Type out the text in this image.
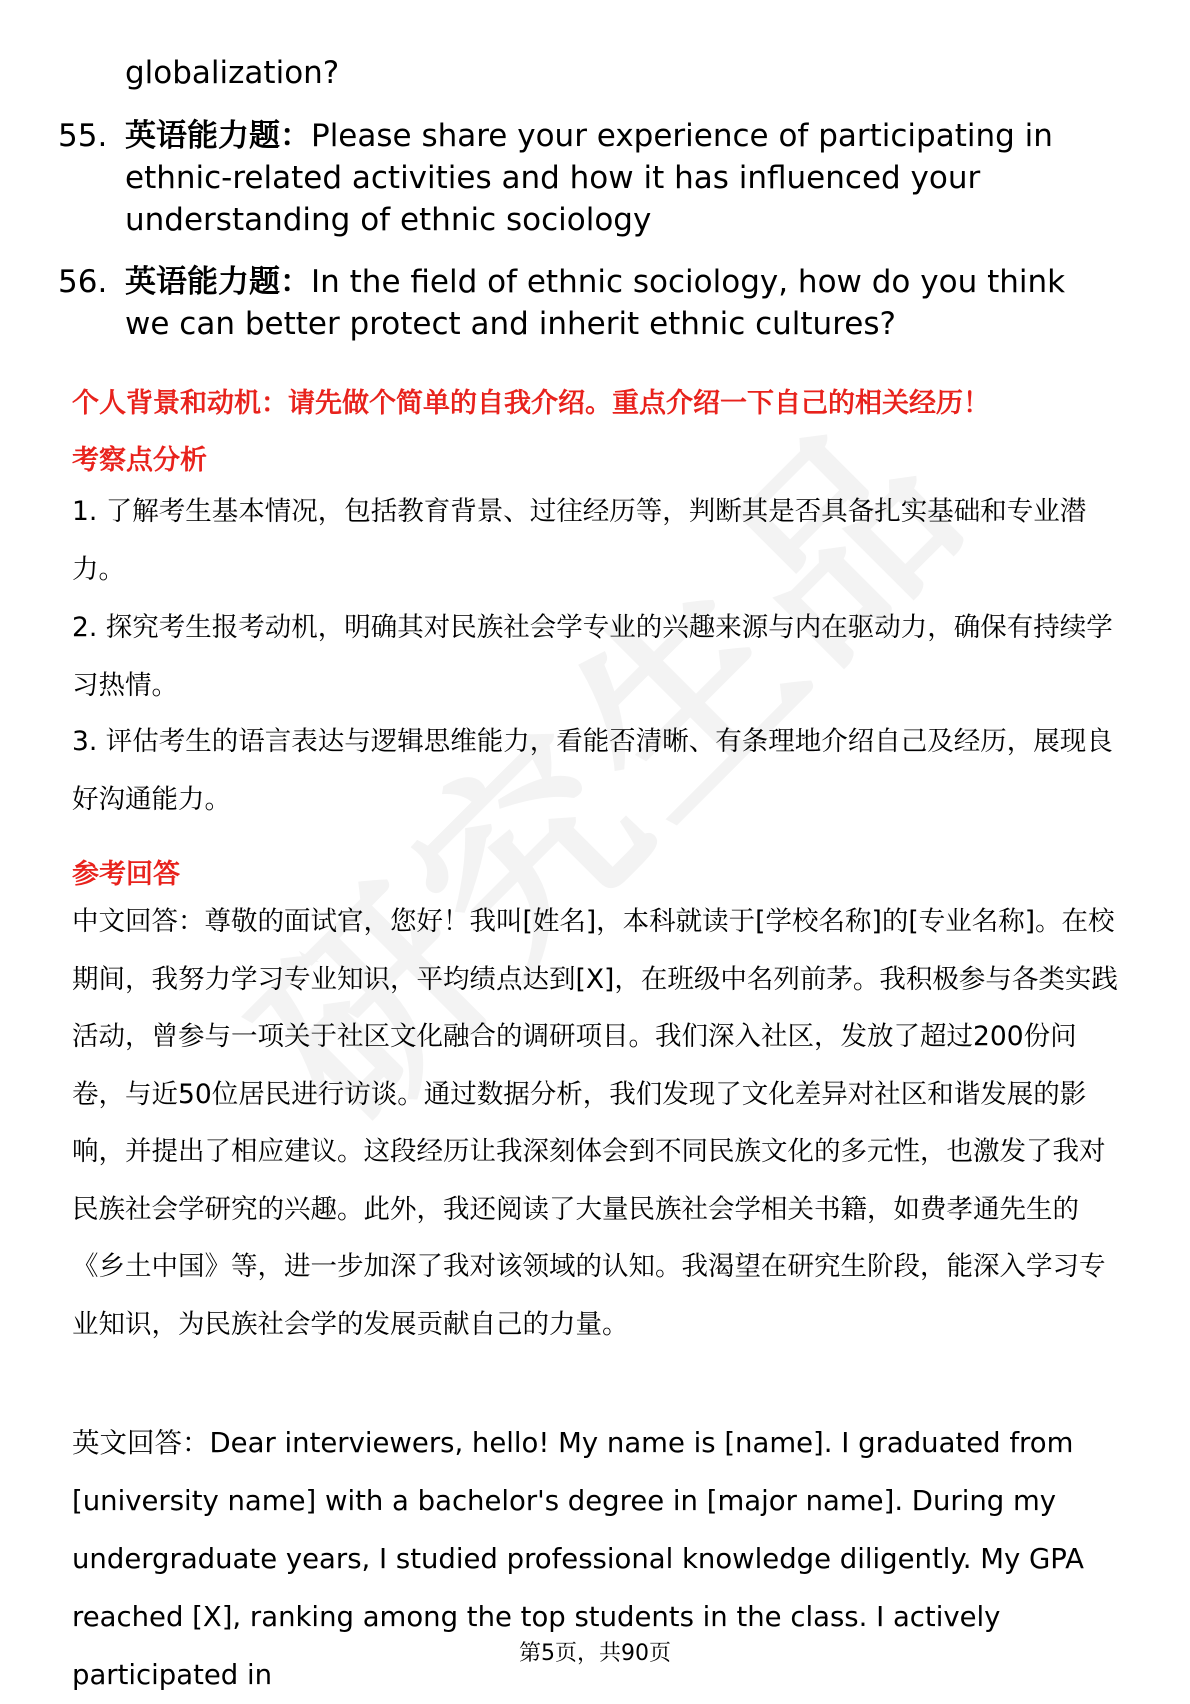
globalization?
55. 英语能力题：Please share your experience of participating in ethnic-related activities and how it has influenced your understanding of ethnic sociology
56. 英语能力题：In the field of ethnic sociology, how do you think we can better protect and inherit ethnic cultures?
个人背景和动机：请先做个简单的自我介绍。重点介绍一下自己的相关经历！
考察点分析
1. 了解考生基本情况，包括教育背景、过往经历等，判断其是否具备扎实基础和专业潜力。
2. 探究考生报考动机，明确其对民族社会学专业的兴趣来源与内在驱动力，确保有持续学习热情。
3. 评估考生的语言表达与逻辑思维能力，看能否清晰、有条理地介绍自己及经历，展现良好沟通能力。
参考回答
中文回答：尊敬的面试官，您好！我叫[姓名]，本科就读于[学校名称]的[专业名称]。在校期间，我努力学习专业知识，平均绩点达到[X]，在班级中名列前茅。我积极参与各类实践活动，曾参与一项关于社区文化融合的调研项目。我们深入社区，发放了超过200份问卷，与近50位居民进行访谈。通过数据分析，我们发现了文化差异对社区和谐发展的影响，并提出了相应建议。这段经历让我深刻体会到不同民族文化的多元性，也激发了我对民族社会学研究的兴趣。此外，我还阅读了大量民族社会学相关书籍，如费孝通先生的《乡土中国》等，进一步加深了我对该领域的认知。我渴望在研究生阶段，能深入学习专业知识，为民族社会学的发展贡献自己的力量。
英文回答：Dear interviewers, hello! My name is [name]. I graduated from [university name] with a bachelor's degree in [major name]. During my undergraduate years, I studied professional knowledge diligently. My GPA reached [X], ranking among the top students in the class. I actively participated in
第5页，共90页
